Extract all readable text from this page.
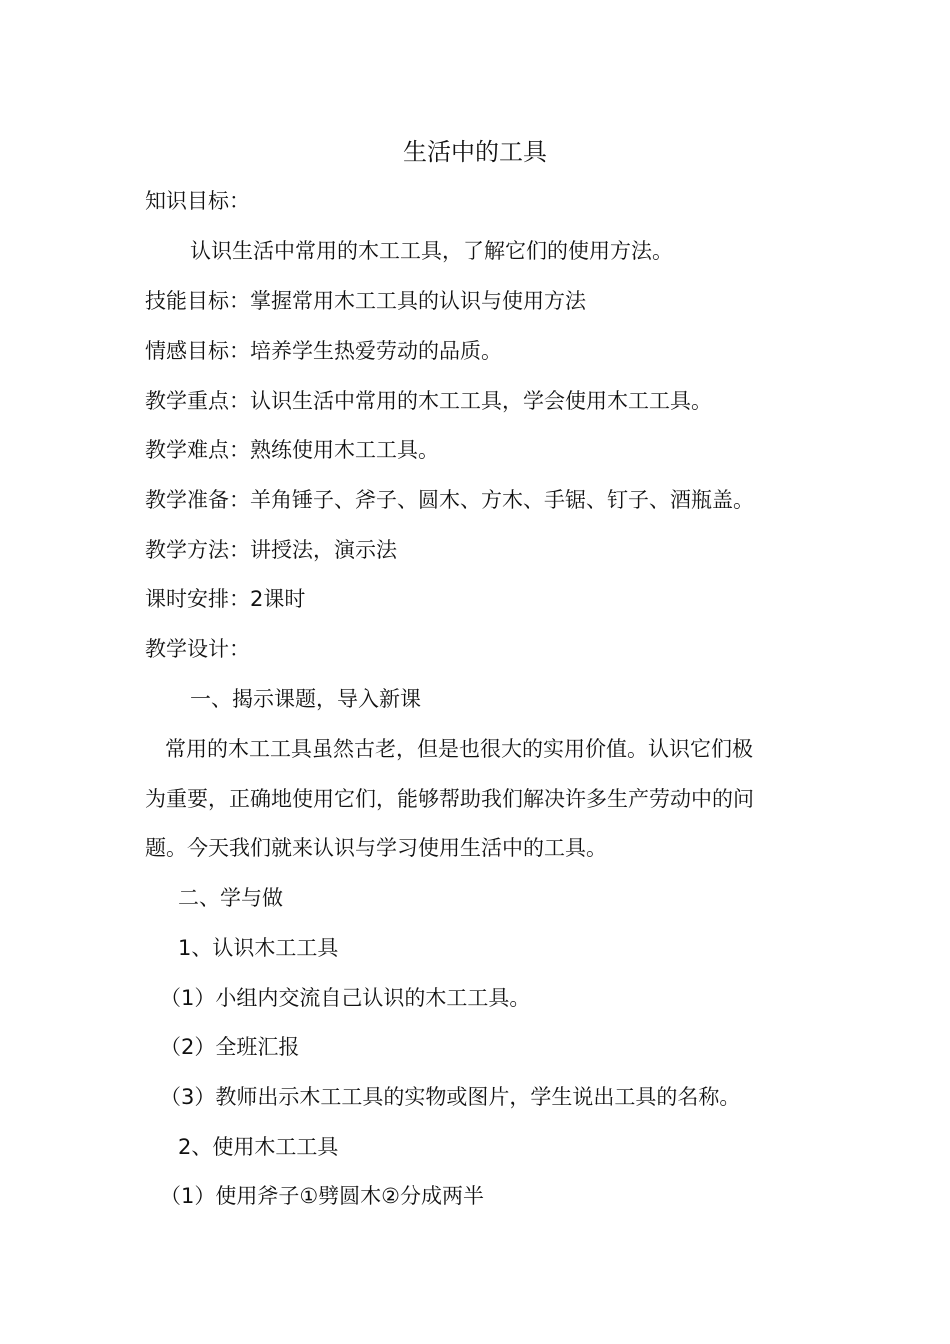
生活中的工具
知识目标：
认识生活中常用的木工工具，了解它们的使用方法。
技能目标：掌握常用木工工具的认识与使用方法
情感目标：培养学生热爱劳动的品质。
教学重点：认识生活中常用的木工工具，学会使用木工工具。
教学难点：熟练使用木工工具。
教学准备：羊角锤子、斧子、圆木、方木、手锯、钉子、酒瓶盖。
教学方法：讲授法，演示法
课时安排：2课时
教学设计：
一、揭示课题，导入新课
常用的木工工具虽然古老，但是也很大的实用价值。认识它们极
为重要，正确地使用它们，能够帮助我们解决许多生产劳动中的问
题。今天我们就来认识与学习使用生活中的工具。
二、学与做
1、认识木工工具
（1）小组内交流自己认识的木工工具。
（2）全班汇报
（3）教师出示木工工具的实物或图片，学生说出工具的名称。
2、使用木工工具
（1）使用斧子①劈圆木②分成两半
